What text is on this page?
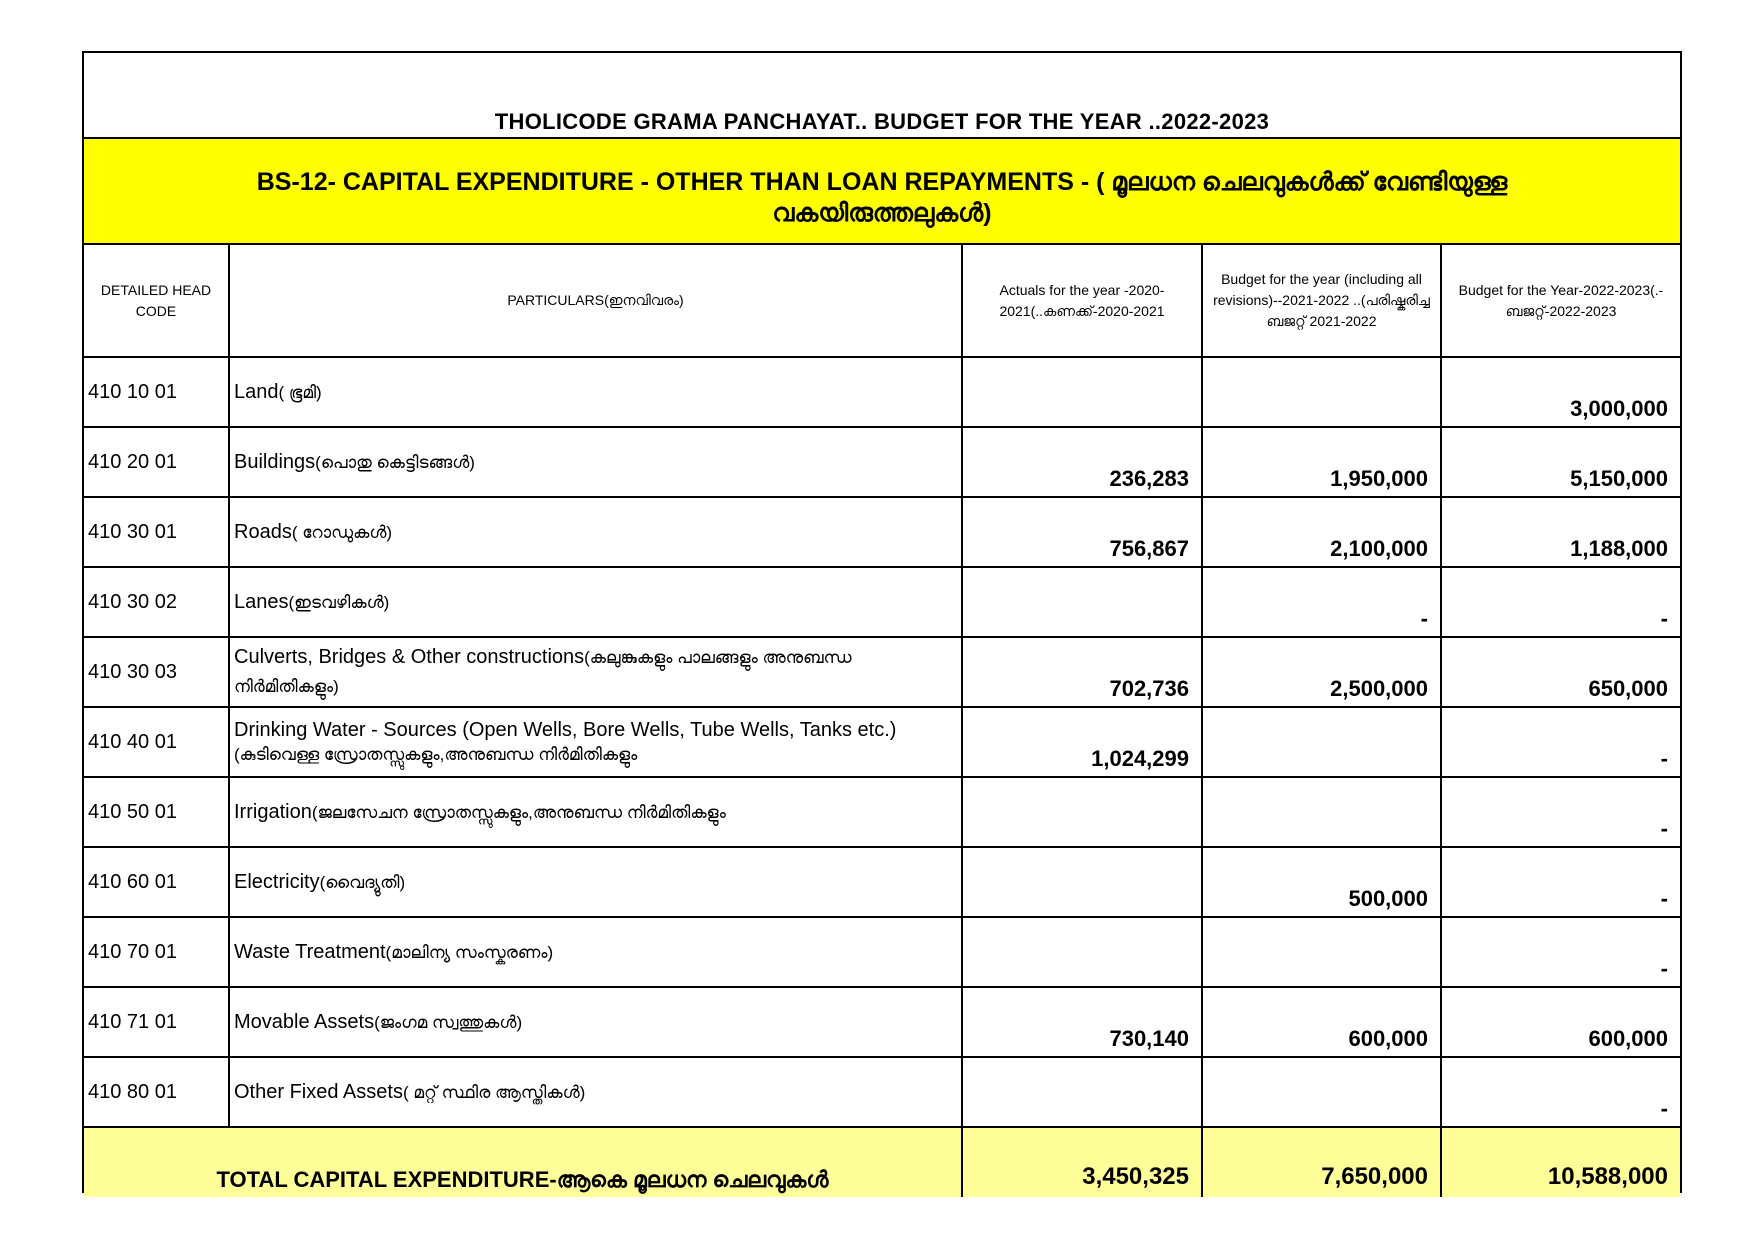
THOLICODE GRAMA PANCHAYAT.. BUDGET FOR THE YEAR ..2022-2023
BS-12- CAPITAL EXPENDITURE - OTHER THAN LOAN REPAYMENTS - ( മൂലധന ചെലവുകൾക്ക് വേണ്ടിയുള്ള വകയിരുത്തലുകൾ)
DETAILED HEAD CODE	PARTICULARS(ഇനവിവരം)	Actuals for the year -2020-2021(..കണക്ക്-2020-2021	Budget for the year (including all revisions)--2021-2022 ..(പരിഷ്കരിച്ച ബജറ്റ് 2021-2022	Budget for the Year-2022-2023(.-ബജറ്റ്-2022-2023
410 10 01	Land( ഭൂമി)			3,000,000
410 20 01	Buildings(പൊതു കെട്ടിടങ്ങൾ)	236,283	1,950,000	5,150,000
410 30 01	Roads( റോഡുകൾ)	756,867	2,100,000	1,188,000
410 30 02	Lanes(ഇടവഴികൾ)		-	-
410 30 03	Culverts, Bridges & Other constructions(കലുങ്കുകളും പാലങ്ങളും അനുബന്ധ നിർമിതികളും)	702,736	2,500,000	650,000
410 40 01	Drinking Water - Sources (Open Wells, Bore Wells, Tube Wells, Tanks etc.)(കുടിവെള്ള സ്രോതസ്സുകളും,അനുബന്ധ നിർമിതികളും	1,024,299		-
410 50 01	Irrigation(ജലസേചന സ്രോതസ്സുകളും,അനുബന്ധ നിർമിതികളും			-
410 60 01	Electricity(വൈദ്യുതി)		500,000	-
410 70 01	Waste Treatment(മാലിന്യ സംസ്കരണം)			-
410 71 01	Movable Assets(ജംഗമ സ്വത്തുകൾ)	730,140	600,000	600,000
410 80 01	Other Fixed Assets( മറ്റ് സ്ഥിര ആസ്തികൾ)			-
TOTAL CAPITAL EXPENDITURE-ആകെ മൂലധന ചെലവുകൾ		3,450,325	7,650,000	10,588,000
